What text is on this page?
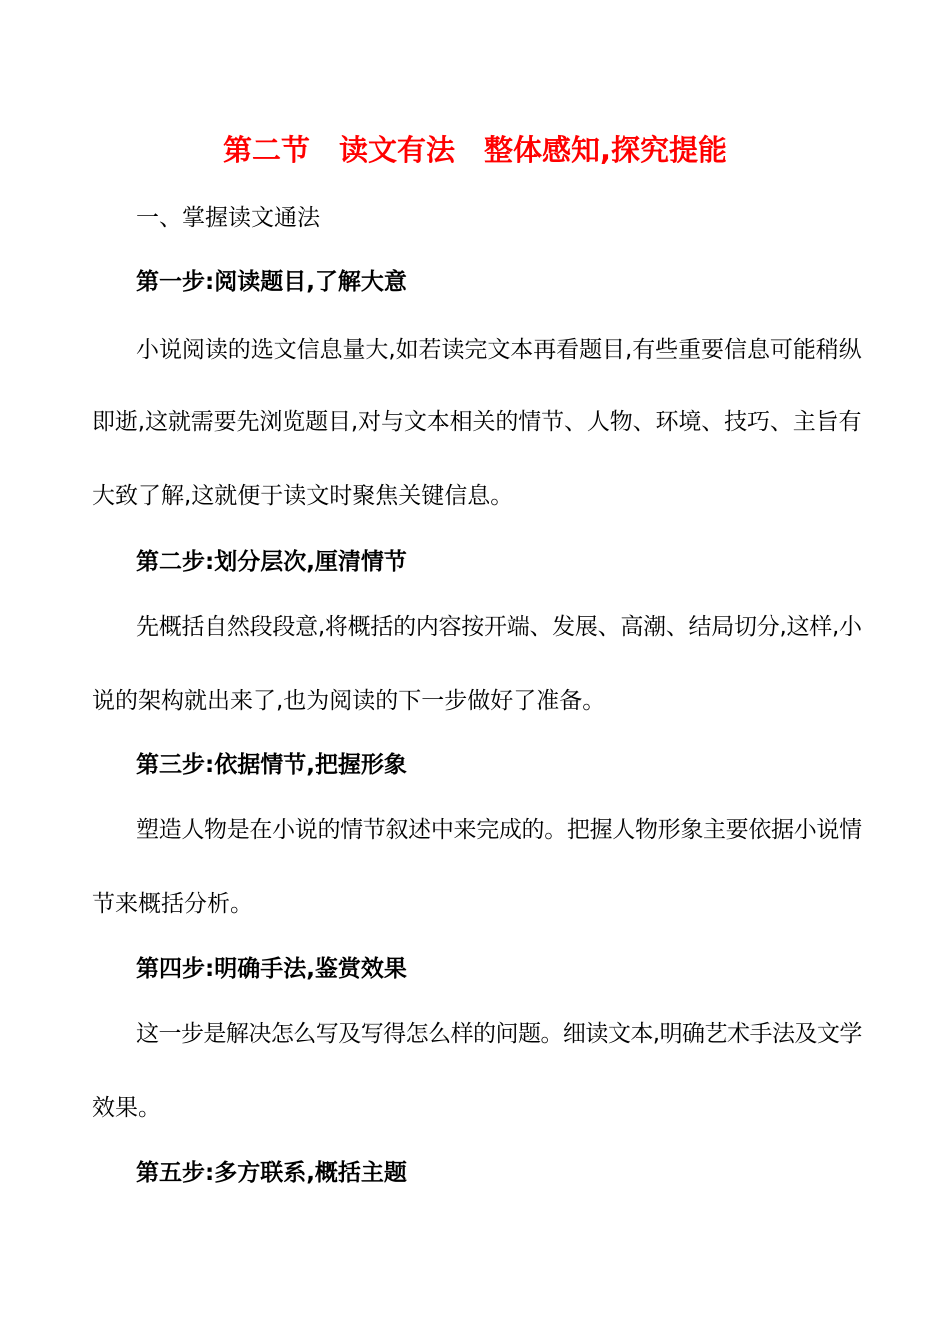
第二节　读文有法　整体感知,探究提能
一、掌握读文通法
第一步:阅读题目,了解大意
小说阅读的选文信息量大,如若读完文本再看题目,有些重要信息可能稍纵
即逝,这就需要先浏览题目,对与文本相关的情节、人物、环境、技巧、主旨有
大致了解,这就便于读文时聚焦关键信息。
第二步:划分层次,厘清情节
先概括自然段段意,将概括的内容按开端、发展、高潮、结局切分,这样,小
说的架构就出来了,也为阅读的下一步做好了准备。
第三步:依据情节,把握形象
塑造人物是在小说的情节叙述中来完成的。把握人物形象主要依据小说情
节来概括分析。
第四步:明确手法,鉴赏效果
这一步是解决怎么写及写得怎么样的问题。细读文本,明确艺术手法及文学
效果。
第五步:多方联系,概括主题
